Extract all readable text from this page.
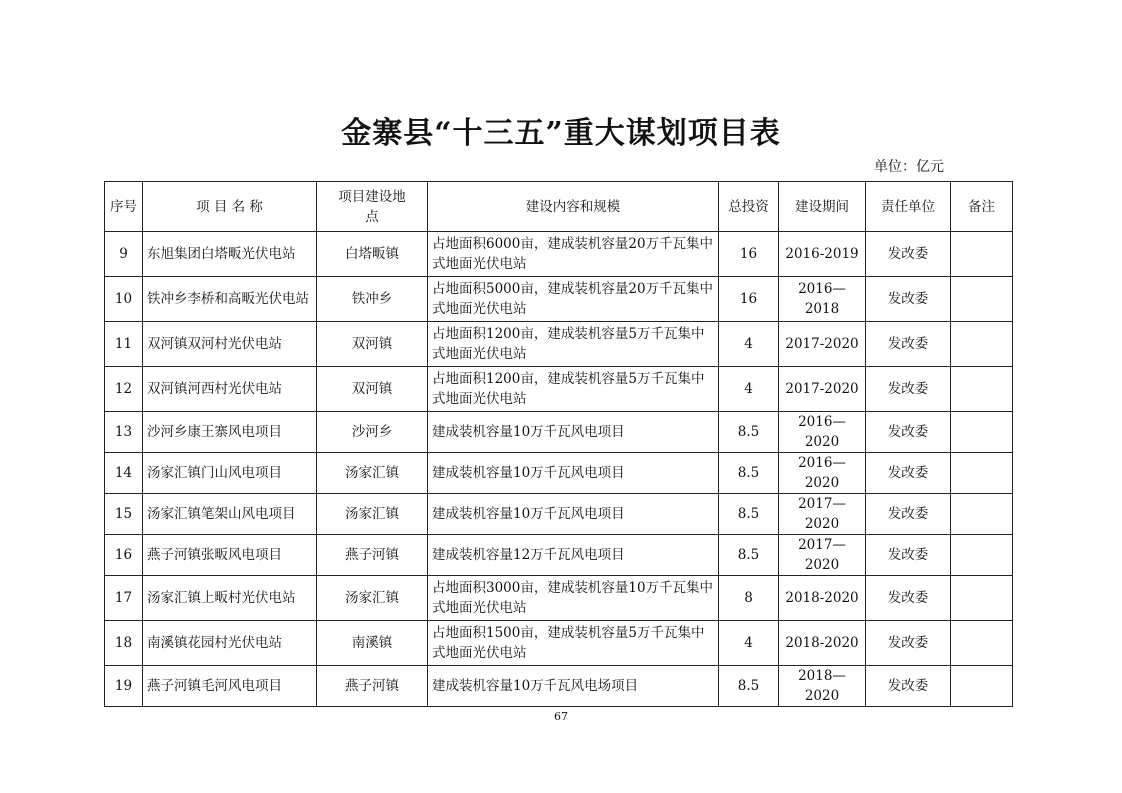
金寨县“十三五”重大谋划项目表
单位：亿元
序号	项 目 名 称	项目建设地点	建设内容和规模	总投资	建设期间	责任单位	备注
9	东旭集团白塔畈光伏电站	白塔畈镇	占地面积6000亩，建成装机容量20万千瓦集中式地面光伏电站	16	2016-2019	发改委	
10	铁冲乡李桥和高畈光伏电站	铁冲乡	占地面积5000亩，建成装机容量20万千瓦集中式地面光伏电站	16	2016—2018	发改委	
11	双河镇双河村光伏电站	双河镇	占地面积1200亩，建成装机容量5万千瓦集中式地面光伏电站	4	2017-2020	发改委	
12	双河镇河西村光伏电站	双河镇	占地面积1200亩，建成装机容量5万千瓦集中式地面光伏电站	4	2017-2020	发改委	
13	沙河乡康王寨风电项目	沙河乡	建成装机容量10万千瓦风电项目	8.5	2016—2020	发改委	
14	汤家汇镇门山风电项目	汤家汇镇	建成装机容量10万千瓦风电项目	8.5	2016—2020	发改委	
15	汤家汇镇笔架山风电项目	汤家汇镇	建成装机容量10万千瓦风电项目	8.5	2017—2020	发改委	
16	燕子河镇张畈风电项目	燕子河镇	建成装机容量12万千瓦风电项目	8.5	2017—2020	发改委	
17	汤家汇镇上畈村光伏电站	汤家汇镇	占地面积3000亩，建成装机容量10万千瓦集中式地面光伏电站	8	2018-2020	发改委	
18	南溪镇花园村光伏电站	南溪镇	占地面积1500亩，建成装机容量5万千瓦集中式地面光伏电站	4	2018-2020	发改委	
19	燕子河镇毛河风电项目	燕子河镇	建成装机容量10万千瓦风电场项目	8.5	2018—2020	发改委	
67
